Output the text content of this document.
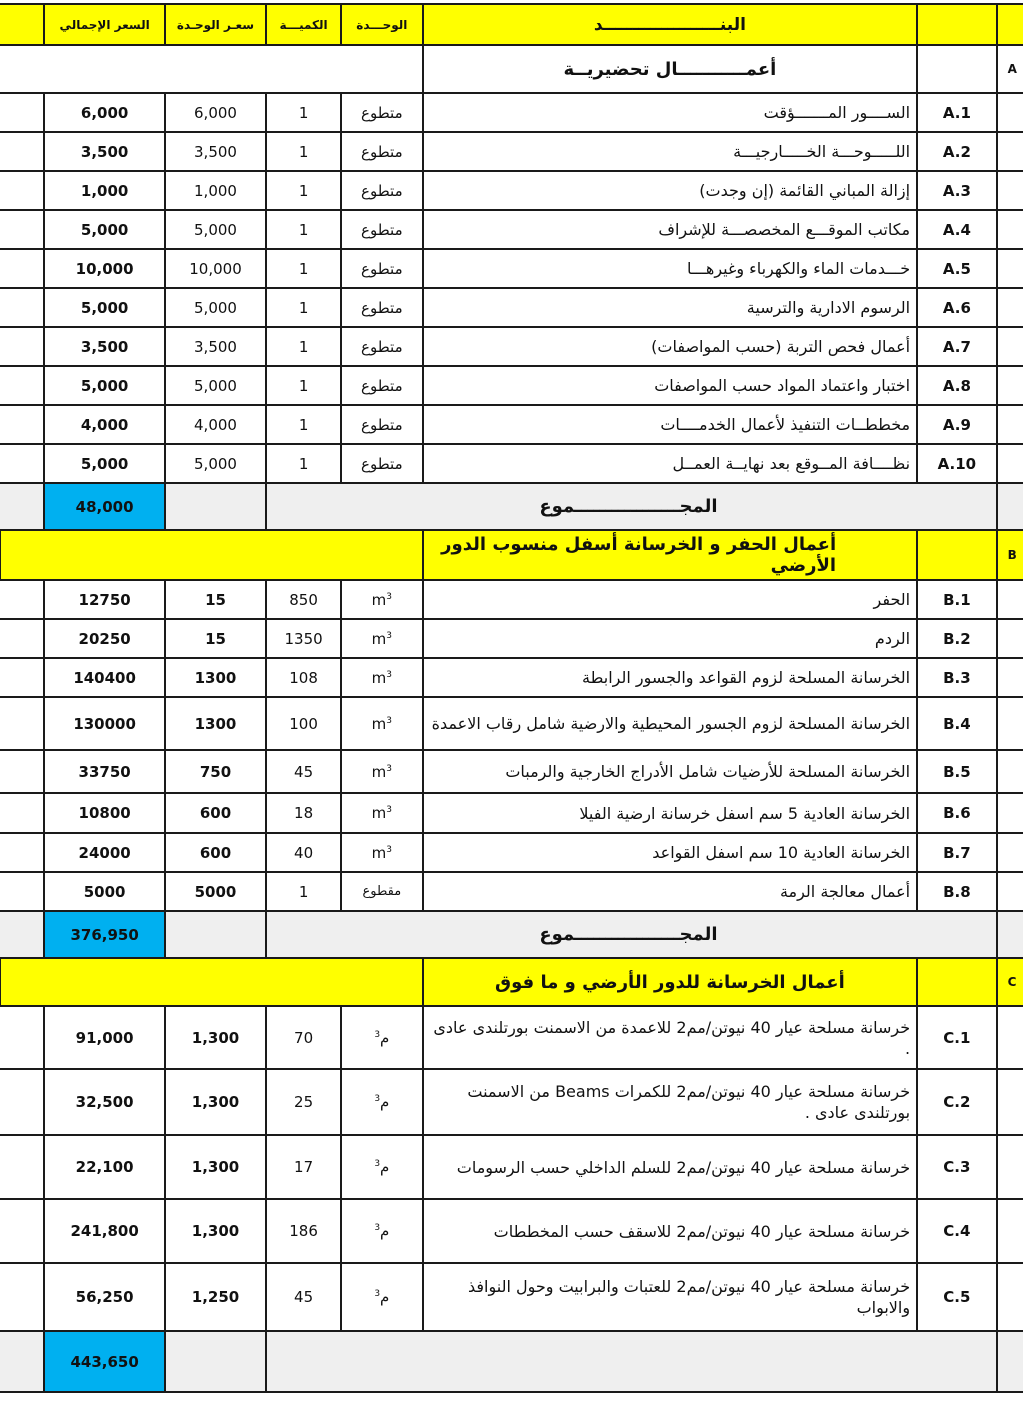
	السعر الإجمالي	سعـر الوحـدة	الكميـــة	الوحـــدة	البنــــــــــــــــــــد		
					أعمـــــــــــال تحضيريــة		A
	6,000	6,000	1	متطوع	الســــور المـــــــؤقت	A.1	
	3,500	3,500	1	متطوع	اللـــــوحـــة الخـــــارجيـــة	A.2	
	1,000	1,000	1	متطوع	إزالة المباني القائمة (إن وجدت)	A.3	
	5,000	5,000	1	متطوع	مكاتب الموقـــع المخصصـــة للإشراف	A.4	
	10,000	10,000	1	متطوع	خـــدمات الماء والكهرباء وغيرهـــا	A.5	
	5,000	5,000	1	متطوع	الرسوم الادارية والترسية	A.6	
	3,500	3,500	1	متطوع	أعمال فحص التربة (حسب المواصفات)	A.7	
	5,000	5,000	1	متطوع	اختبار واعتماد المواد حسب المواصفات	A.8	
	4,000	4,000	1	متطوع	مخططــات التنفيذ لأعمال الخدمــــات	A.9	
	5,000	5,000	1	متطوع	نظــــافة المــوقع بعد نهايــة العمــل	A.10	
	48,000		المجـــــــــــــــــموع				
					أعمال الحفر و الخرسانة أسفل منسوب الدور الأرضي		B
	12750	15	850	$m^3$	الحفر	B.1	
	20250	15	1350	$m^3$	الردم	B.2	
	140400	1300	108	$m^3$	الخرسانة المسلحة لزوم القواعد والجسور الرابطة	B.3	
	130000	1300	100	$m^3$	الخرسانة المسلحة لزوم الجسور المحيطية والارضية شامل رقاب الاعمدة	B.4	
	33750	750	45	$m^3$	الخرسانة المسلحة للأرضيات شامل الأدراج الخارجية والرمبات	B.5	
	10800	600	18	$m^3$	الخرسانة العادية 5 سم اسفل خرسانة ارضية الفيلا	B.6	
	24000	600	40	$m^3$	الخرسانة العادية 10 سم اسفل القواعد	B.7	
	5000	5000	1	مقطوع	أعمال معالجة الرمة	B.8	
	376,950		المجـــــــــــــــــموع				
					أعمال الخرسانة للدور الأرضي و ما فوق		C
	91,000	1,300	70	م$^3$	خرسانة مسلحة عيار 40 نيوتن/مم2 للاعمدة من الاسمنت بورتلندى عادى .	C.1	
	32,500	1,300	25	م$^3$	خرسانة مسلحة عيار 40 نيوتن/مم2 للكمرات Beams من الاسمنت بورتلندى عادى .	C.2	
	22,100	1,300	17	م$^3$	خرسانة مسلحة عيار 40 نيوتن/مم2 للسلم الداخلي حسب الرسومات	C.3	
	241,800	1,300	186	م$^3$	خرسانة مسلحة عيار 40 نيوتن/مم2 للاسقف حسب المخططات	C.4	
	56,250	1,250	45	م$^3$	خرسانة مسلحة عيار 40 نيوتن/مم2 للعتبات والبرابيت وحول النوافذ والابواب	C.5	
	443,650						
